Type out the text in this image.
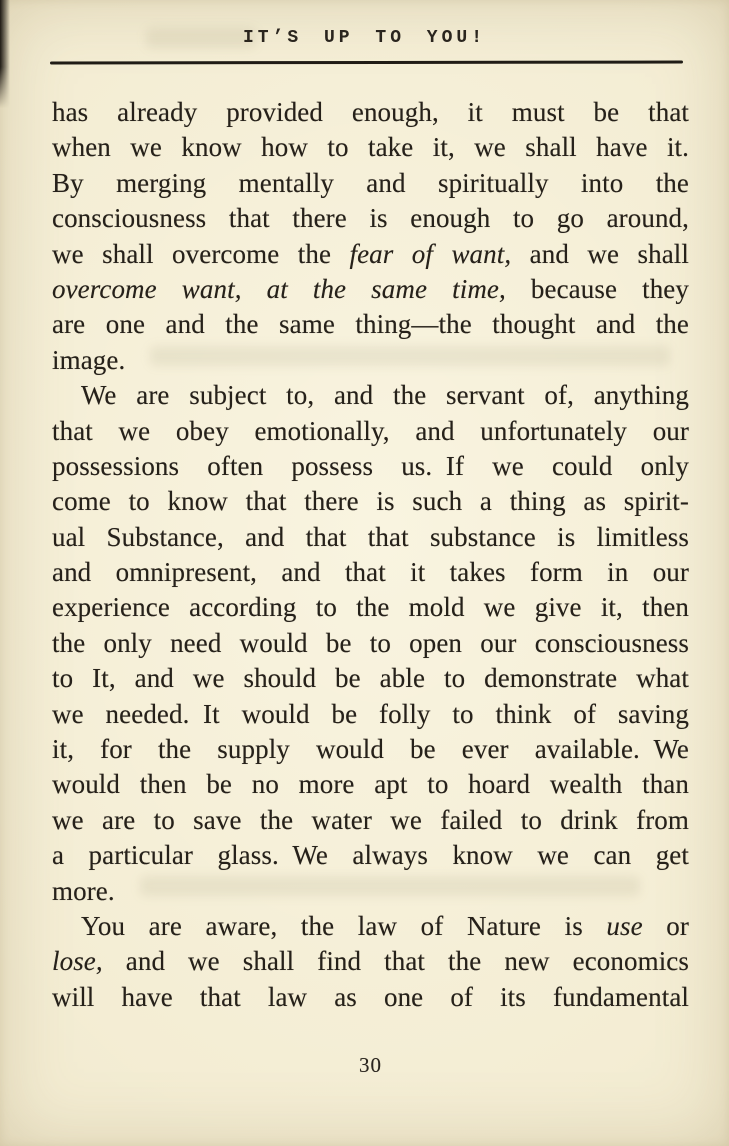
IT’S UP TO YOU!
has already provided enough, it must be that
when we know how to take it, we shall have it.
By merging mentally and spiritually into the
consciousness that there is enough to go around,
we shall overcome the fear of want, and we shall
overcome want, at the same time, because they
are one and the same thing—the thought and the
image.
We are subject to, and the servant of, anything
that we obey emotionally, and unfortunately our
possessions often possess us. If we could only
come to know that there is such a thing as spirit-
ual Substance, and that that substance is limitless
and omnipresent, and that it takes form in our
experience according to the mold we give it, then
the only need would be to open our consciousness
to It, and we should be able to demonstrate what
we needed. It would be folly to think of saving
it, for the supply would be ever available. We
would then be no more apt to hoard wealth than
we are to save the water we failed to drink from
a particular glass. We always know we can get
more.
You are aware, the law of Nature is use or
lose, and we shall find that the new economics
will have that law as one of its fundamental
30
